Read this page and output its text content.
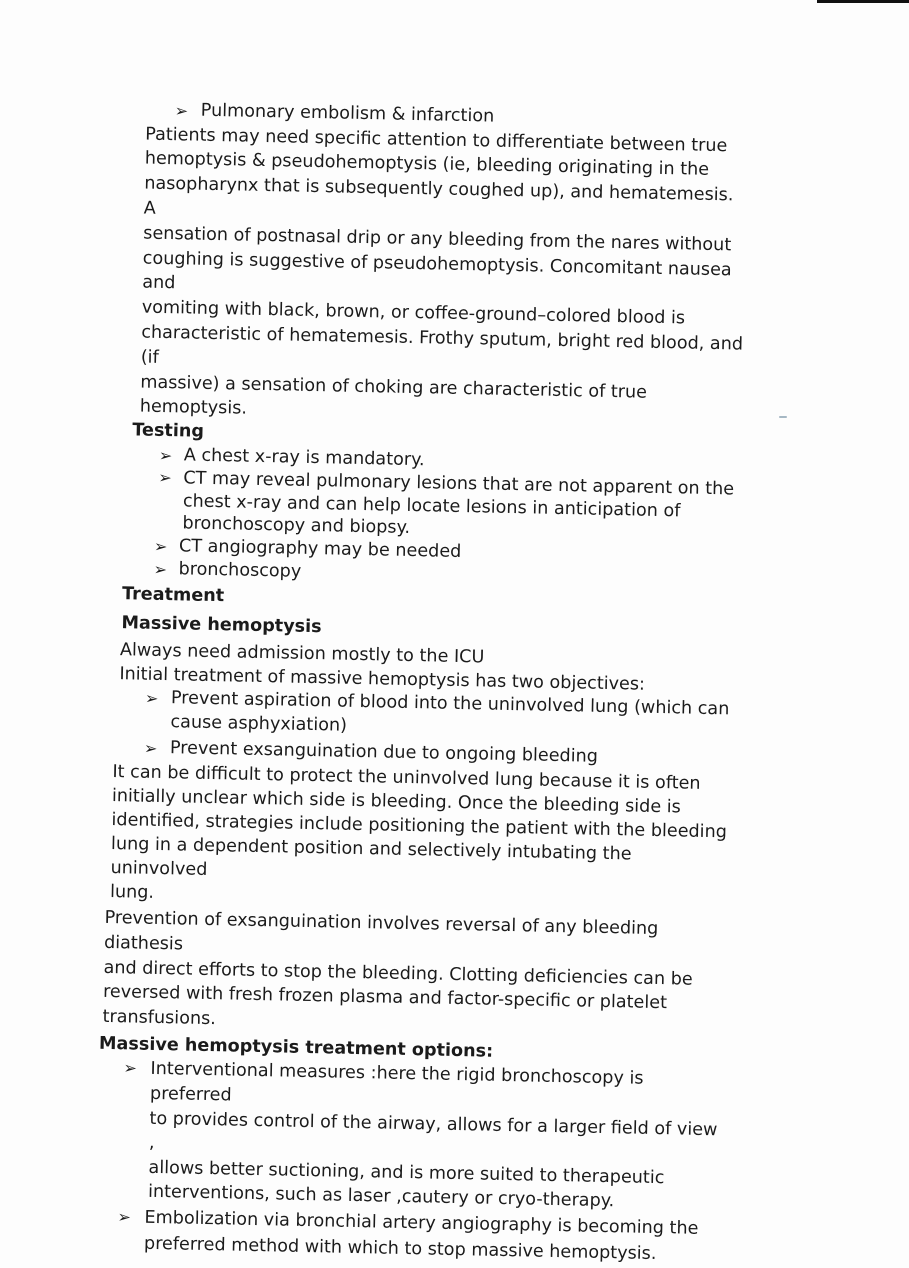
➢ Pulmonary embolism & infarction
Patients may need specific attention to differentiate between true
hemoptysis & pseudohemoptysis (ie, bleeding originating in the
nasopharynx that is subsequently coughed up), and hematemesis. A
sensation of postnasal drip or any bleeding from the nares without
coughing is suggestive of pseudohemoptysis. Concomitant nausea and
vomiting with black, brown, or coffee-ground–colored blood is
characteristic of hematemesis. Frothy sputum, bright red blood, and (if
massive) a sensation of choking are characteristic of true hemoptysis.
Testing
➢ A chest x-ray is mandatory.
➢ CT may reveal pulmonary lesions that are not apparent on the
chest x-ray and can help locate lesions in anticipation of
bronchoscopy and biopsy.
➢ CT angiography may be needed
➢ bronchoscopy
Treatment
Massive hemoptysis
Always need admission mostly to the ICU
Initial treatment of massive hemoptysis has two objectives:
➢ Prevent aspiration of blood into the uninvolved lung (which can
cause asphyxiation)
➢ Prevent exsanguination due to ongoing bleeding
It can be difficult to protect the uninvolved lung because it is often
initially unclear which side is bleeding. Once the bleeding side is
identified, strategies include positioning the patient with the bleeding
lung in a dependent position and selectively intubating the uninvolved
lung.
Prevention of exsanguination involves reversal of any bleeding diathesis
and direct efforts to stop the bleeding. Clotting deficiencies can be
reversed with fresh frozen plasma and factor-specific or platelet
transfusions.
Massive hemoptysis treatment options:
➢ Interventional measures :here the rigid bronchoscopy is preferred
to provides control of the airway, allows for a larger field of view ,
allows better suctioning, and is more suited to therapeutic
interventions, such as laser ,cautery or cryo-therapy.
➢ Embolization via bronchial artery angiography is becoming the
preferred method with which to stop massive hemoptysis.
